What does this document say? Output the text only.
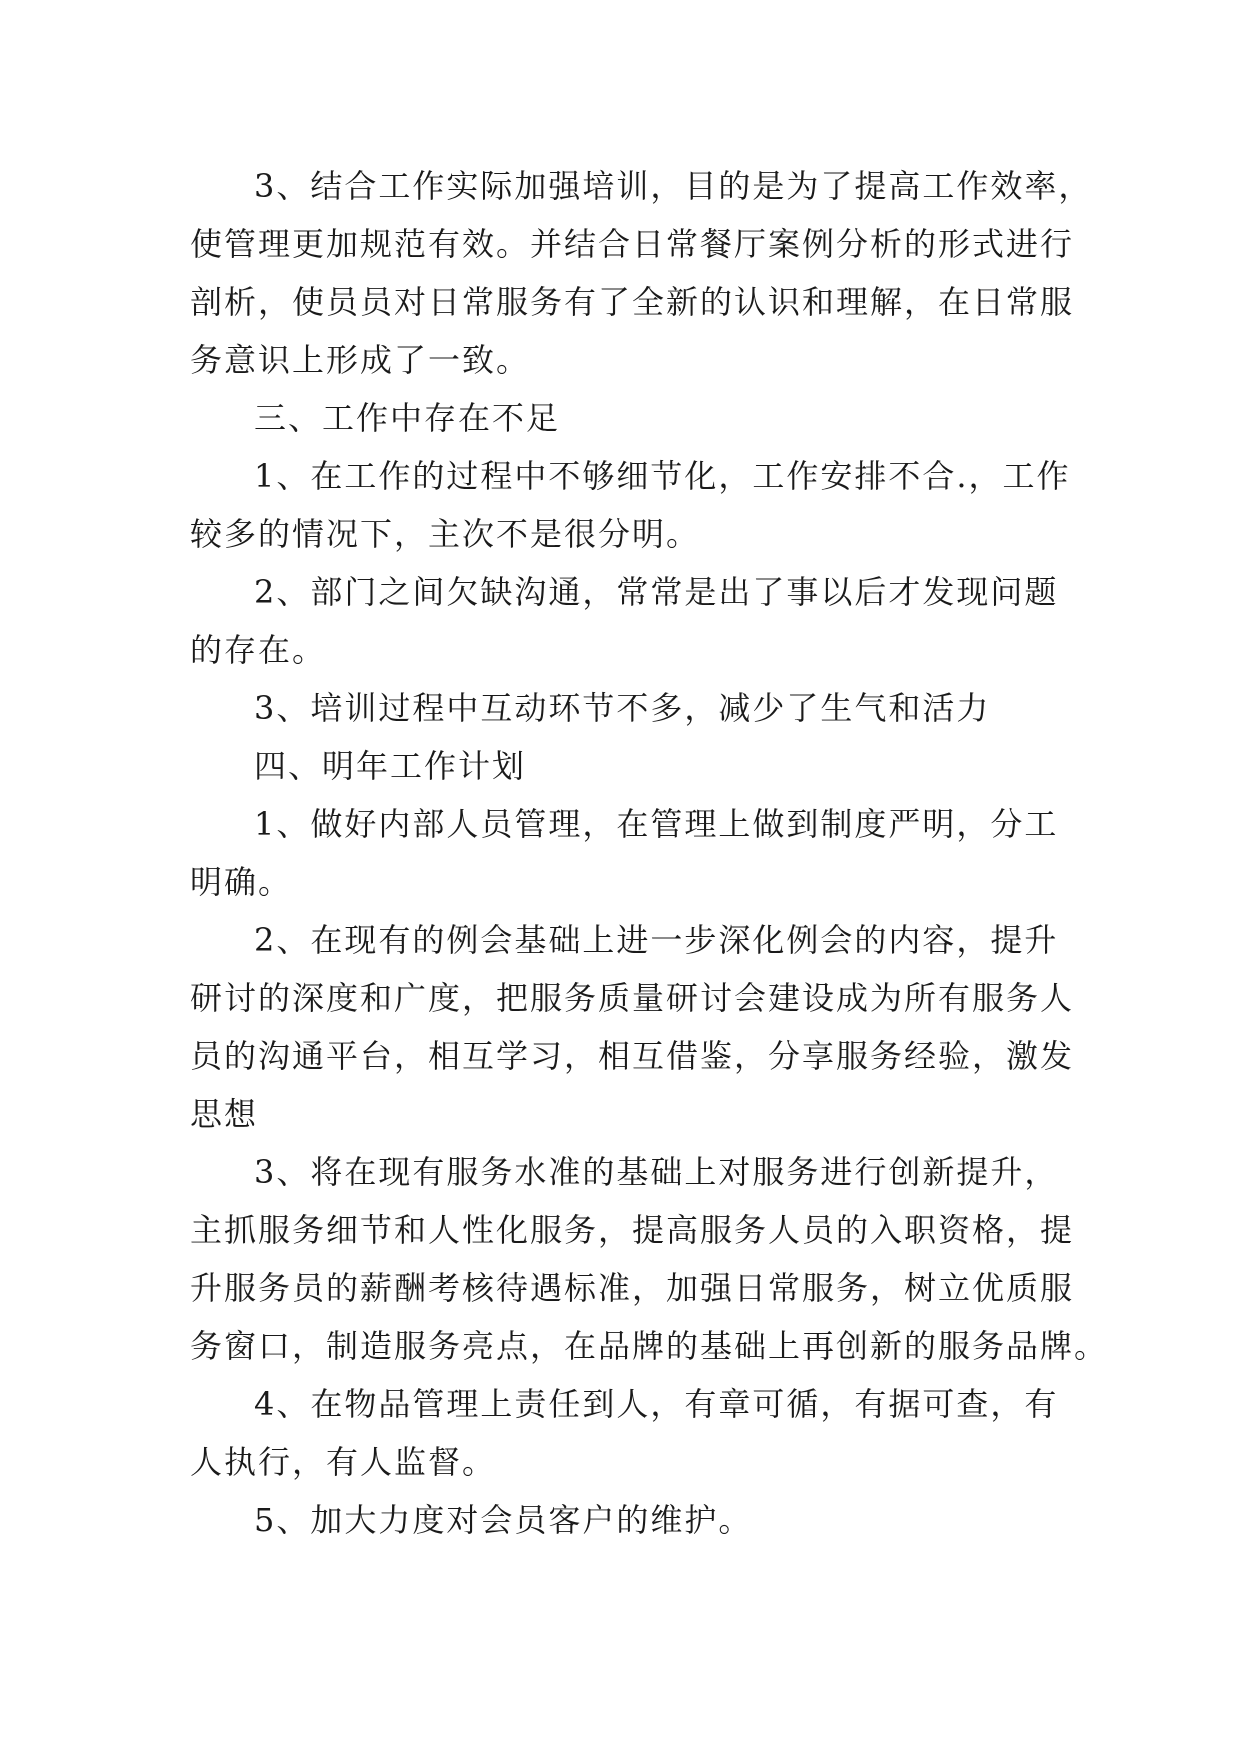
3、结合工作实际加强培训，目的是为了提高工作效率，
使管理更加规范有效。并结合日常餐厅案例分析的形式进行
剖析，使员员对日常服务有了全新的认识和理解，在日常服
务意识上形成了一致。
三、工作中存在不足
1、在工作的过程中不够细节化，工作安排不合.，工作
较多的情况下，主次不是很分明。
2、部门之间欠缺沟通，常常是出了事以后才发现问题
的存在。
3、培训过程中互动环节不多，减少了生气和活力
四、明年工作计划
1、做好内部人员管理，在管理上做到制度严明，分工
明确。
2、在现有的例会基础上进一步深化例会的内容，提升
研讨的深度和广度，把服务质量研讨会建设成为所有服务人
员的沟通平台，相互学习，相互借鉴，分享服务经验，激发
思想
3、将在现有服务水准的基础上对服务进行创新提升，
主抓服务细节和人性化服务，提高服务人员的入职资格，提
升服务员的薪酬考核待遇标准，加强日常服务，树立优质服
务窗口，制造服务亮点，在品牌的基础上再创新的服务品牌。
4、在物品管理上责任到人，有章可循，有据可查，有
人执行，有人监督。
5、加大力度对会员客户的维护。
